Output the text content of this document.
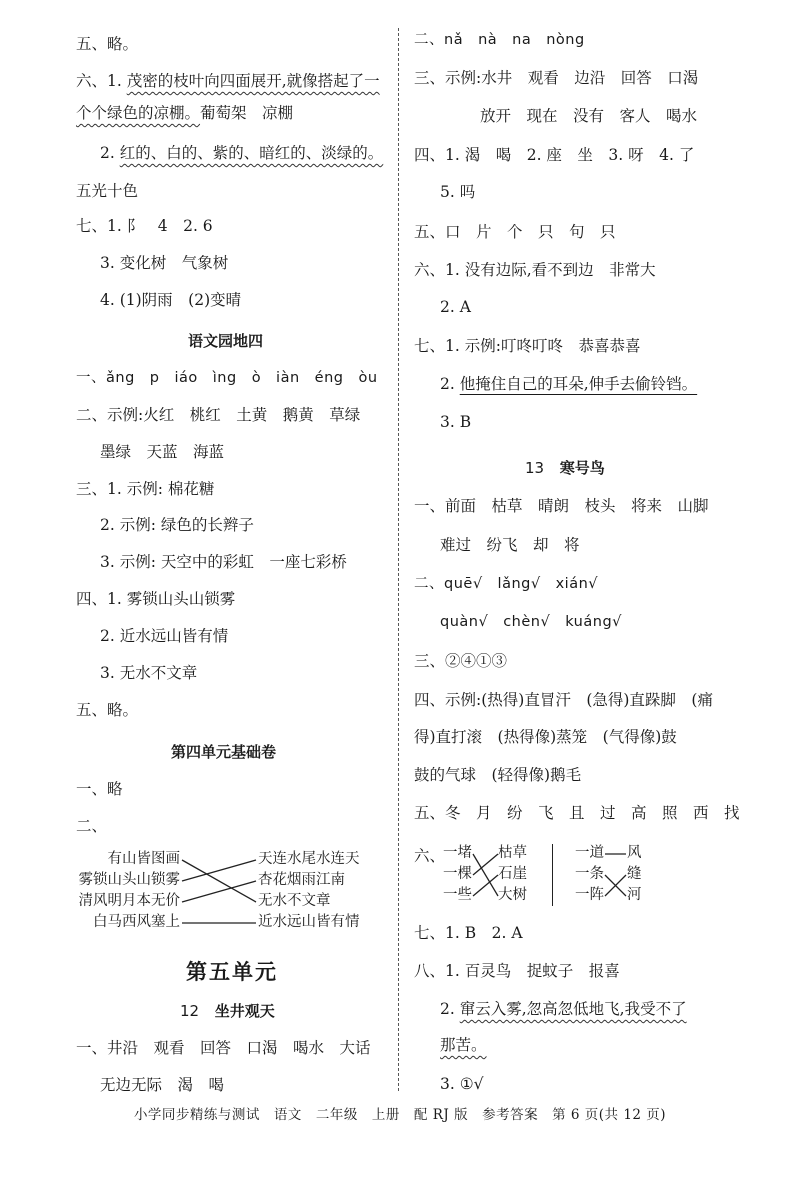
五、略。
六、1. 茂密的枝叶向四面展开,就像搭起了一
个个绿色的凉棚。葡萄架　凉棚
2. 红的、白的、紫的、暗红的、淡绿的。
五光十色
七、1. 阝　4　2. 6
3. 变化树　气象树
4. (1)阴雨　(2)变晴
语文园地四
一、ǎng　p　iáo　ìng　ò　iàn　éng　òu
二、示例:火红　桃红　土黄　鹅黄　草绿
墨绿　天蓝　海蓝
三、1. 示例: 棉花糖
2. 示例: 绿色的长辫子
3. 示例: 天空中的彩虹　一座七彩桥
四、1. 雾锁山头山锁雾
2. 近水远山皆有情
3. 无水不文章
五、略。
第四单元基础卷
一、略
二、
有山皆图画
雾锁山头山锁雾
清风明月本无价
白马西风塞上
天连水尾水连天
杏花烟雨江南
无水不文章
近水远山皆有情
第五单元
12 坐井观天
一、井沿　观看　回答　口渴　喝水　大话
无边无际　渴　喝
二、nǎ　nà　na　nòng
三、示例:水井　观看　边沿　回答　口渴
放开　现在　没有　客人　喝水
四、1. 渴　喝　2. 座　坐　3. 呀　4. 了
5. 吗
五、口　片　个　只　句　只
六、1. 没有边际,看不到边　非常大
2. A
七、1. 示例:叮咚叮咚　恭喜恭喜
2. 他掩住自己的耳朵,伸手去偷铃铛。
3. B
13 寒号鸟
一、前面　枯草　晴朗　枝头　将来　山脚
难过　纷飞　却　将
二、quē√　lǎng√　xián√
quàn√　chèn√　kuáng√
三、②④①③
四、示例:(热得)直冒汗　(急得)直跺脚　(痛
得)直打滚　(热得像)蒸笼　(气得像)鼓
鼓的气球　(轻得像)鹅毛
五、冬　月　纷　飞　且　过　高　照　西　找
六、
一堵
一棵
一些
枯草
石崖
大树
一道
一条
一阵
风
缝
河
七、1. B　2. A
八、1. 百灵鸟　捉蚊子　报喜
2. 窜云入雾,忽高忽低地飞,我受不了
那苦。
3. ①√
小学同步精练与测试　语文　二年级　上册　配 RJ 版　参考答案　第 6 页(共 12 页)
